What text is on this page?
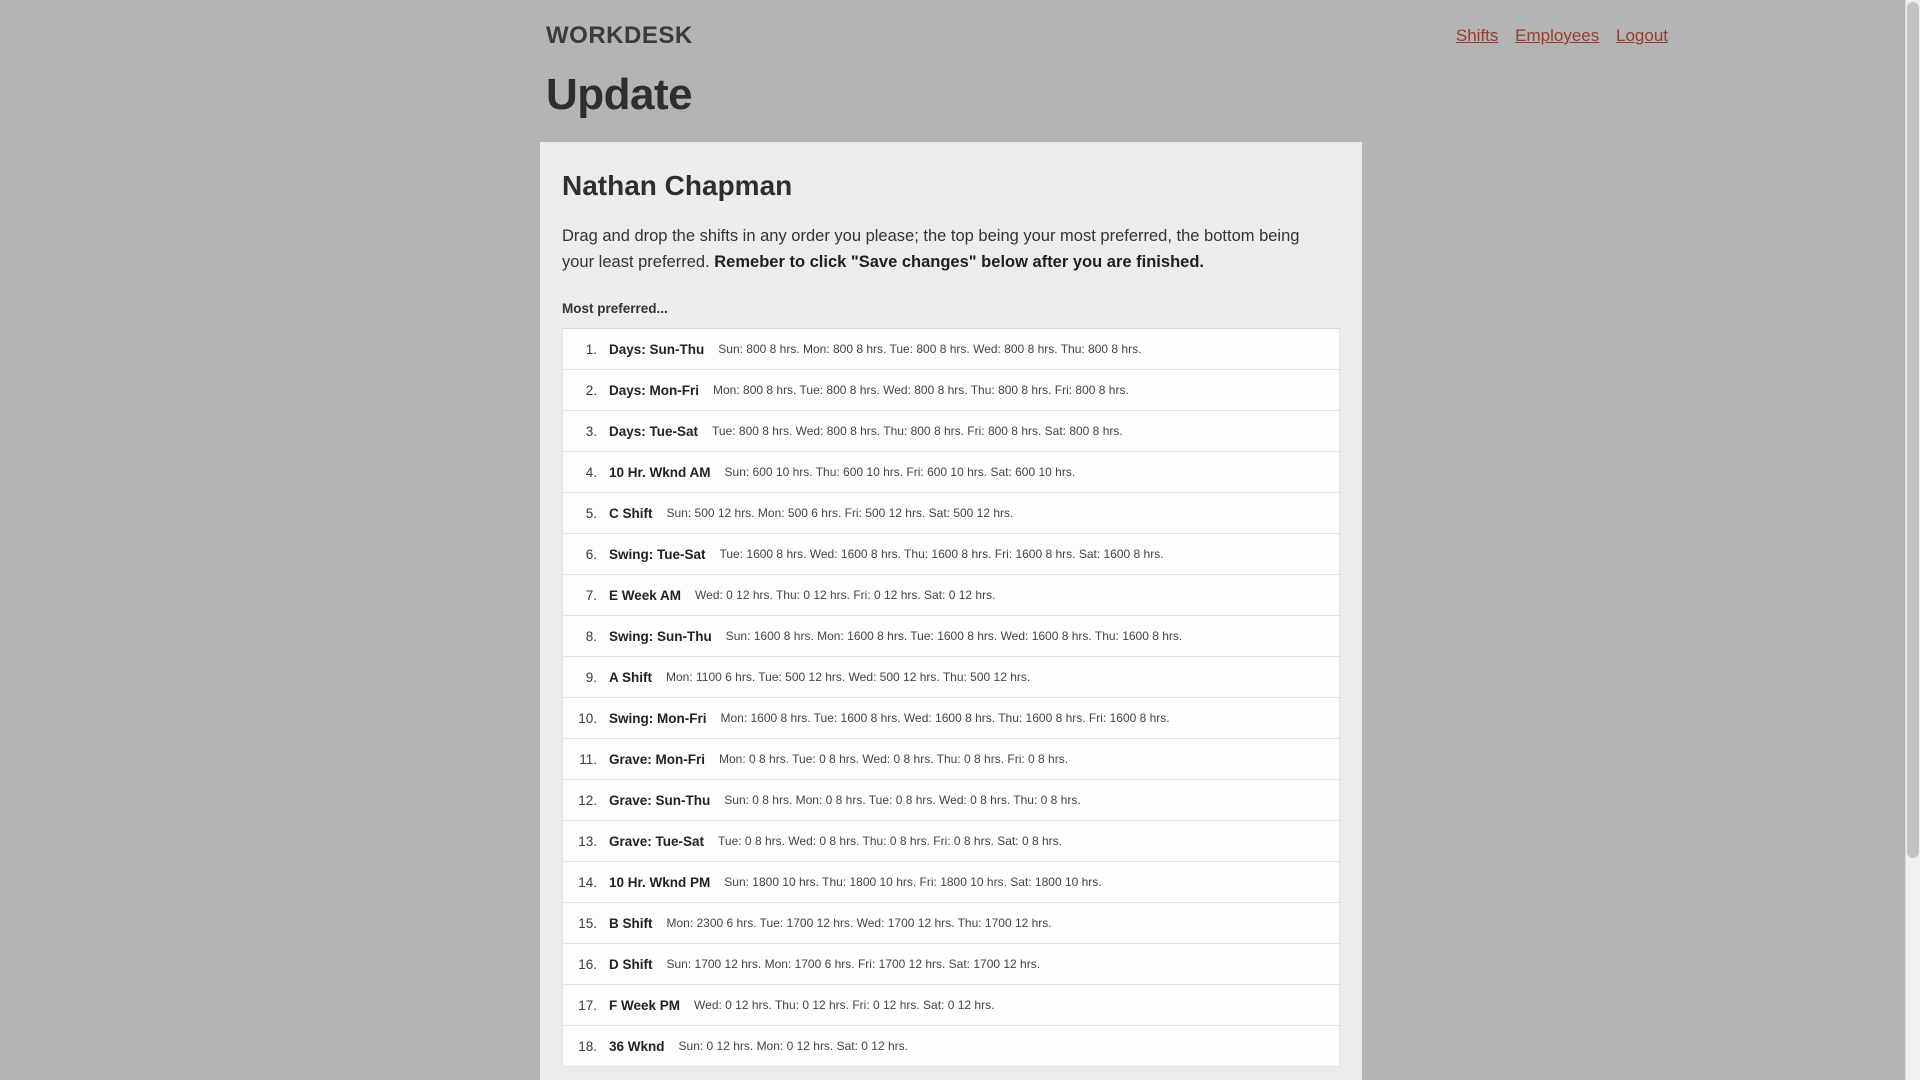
WORKDESK	Shifts Employees Logout
Update
Nathan Chapman

Drag and drop the shifts in any order you please; the top being your most preferred, the bottom being your least preferred. Remeber to click "Save changes" below after you are finished.

Most preferred...
1. Days: Sun-Thu Sun: 800 8 hrs. Mon: 800 8 hrs. Tue: 800 8 hrs. Wed: 800 8 hrs. Thu: 800 8 hrs.
2. Days: Mon-Fri Mon: 800 8 hrs. Tue: 800 8 hrs. Wed: 800 8 hrs. Thu: 800 8 hrs. Fri: 800 8 hrs.
3. Days: Tue-Sat Tue: 800 8 hrs. Wed: 800 8 hrs. Thu: 800 8 hrs. Fri: 800 8 hrs. Sat: 800 8 hrs.
4. 10 Hr. Wknd AM Sun: 600 10 hrs. Thu: 600 10 hrs. Fri: 600 10 hrs. Sat: 600 10 hrs.
5. C Shift Sun: 500 12 hrs. Mon: 500 6 hrs. Fri: 500 12 hrs. Sat: 500 12 hrs.
6. Swing: Tue-Sat Tue: 1600 8 hrs. Wed: 1600 8 hrs. Thu: 1600 8 hrs. Fri: 1600 8 hrs. Sat: 1600 8 hrs.
7. E Week AM Wed: 0 12 hrs. Thu: 0 12 hrs. Fri: 0 12 hrs. Sat: 0 12 hrs.
8. Swing: Sun-Thu Sun: 1600 8 hrs. Mon: 1600 8 hrs. Tue: 1600 8 hrs. Wed: 1600 8 hrs. Thu: 1600 8 hrs.
9. A Shift Mon: 1100 6 hrs. Tue: 500 12 hrs. Wed: 500 12 hrs. Thu: 500 12 hrs.
10. Swing: Mon-Fri Mon: 1600 8 hrs. Tue: 1600 8 hrs. Wed: 1600 8 hrs. Thu: 1600 8 hrs. Fri: 1600 8 hrs.
11. Grave: Mon-Fri Mon: 0 8 hrs. Tue: 0 8 hrs. Wed: 0 8 hrs. Thu: 0 8 hrs. Fri: 0 8 hrs.
12. Grave: Sun-Thu Sun: 0 8 hrs. Mon: 0 8 hrs. Tue: 0 8 hrs. Wed: 0 8 hrs. Thu: 0 8 hrs.
13. Grave: Tue-Sat Tue: 0 8 hrs. Wed: 0 8 hrs. Thu: 0 8 hrs. Fri: 0 8 hrs. Sat: 0 8 hrs.
14. 10 Hr. Wknd PM Sun: 1800 10 hrs. Thu: 1800 10 hrs. Fri: 1800 10 hrs. Sat: 1800 10 hrs.
15. B Shift Mon: 2300 6 hrs. Tue: 1700 12 hrs. Wed: 1700 12 hrs. Thu: 1700 12 hrs.
16. D Shift Sun: 1700 12 hrs. Mon: 1700 6 hrs. Fri: 1700 12 hrs. Sat: 1700 12 hrs.
17. F Week PM Wed: 0 12 hrs. Thu: 0 12 hrs. Fri: 0 12 hrs. Sat: 0 12 hrs.
18. 36 Wknd Sun: 0 12 hrs. Mon: 0 12 hrs. Sat: 0 12 hrs.
